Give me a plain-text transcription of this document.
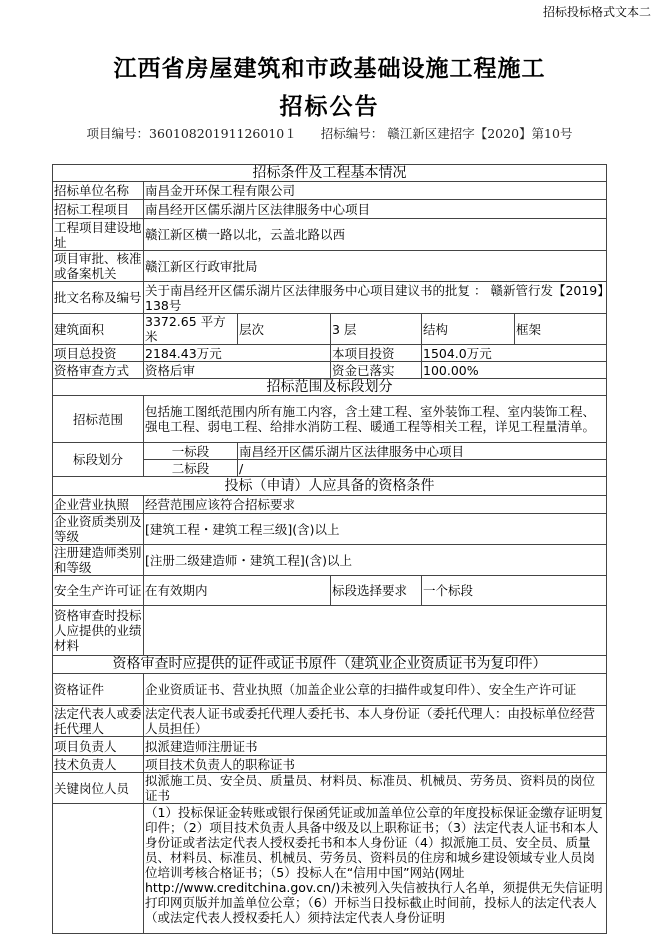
招标投标格式文本二
江西省房屋建筑和市政基础设施工程施工
招标公告
项目编号：36010820191126010１ 招标编号： 赣江新区建招字【2020】第10号
招标条件及工程基本情况					
招标单位名称	南昌金开环保工程有限公司				
招标工程项目	南昌经开区儒乐湖片区法律服务中心项目				
工程项目建设地址	赣江新区横一路以北，云盖北路以西				
项目审批、核准或备案机关	赣江新区行政审批局				
批文名称及编号	关于南昌经开区儒乐湖片区法律服务中心项目建议书的批复 ： 赣新管行发【2019】138号				
建筑面积	3372.65 平方米	层次	3 层	结构	框架
项目总投资	2184.43万元		本项目投资	1504.0万元	
资格审查方式	资格后审		资金已落实	100.00%	
招标范围及标段划分					
招标范围	包括施工图纸范围内所有施工内容，含土建工程、室外装饰工程、室内装饰工程、强电工程、弱电工程、给排水消防工程、暖通工程等相关工程，详见工程量清单。				
标段划分	一标段	南昌经开区儒乐湖片区法律服务中心项目			
	二标段	/			
投标（申请）人应具备的资格条件					
企业营业执照	经营范围应该符合招标要求				
企业资质类别及等级	[建筑工程・建筑工程三级](含)以上				
注册建造师类别和等级	[注册二级建造师・建筑工程](含)以上				
安全生产许可证	在有效期内		标段选择要求	一个标段	
资格审查时投标人应提供的业绩材料					
资格审查时应提供的证件或证书原件（建筑业企业资质证书为复印件）					
资格证件	企业资质证书、营业执照（加盖企业公章的扫描件或复印件）、安全生产许可证				
法定代表人或委托代理人	法定代表人证书或委托代理人委托书、本人身份证（委托代理人：由投标单位经营人员担任）				
项目负责人	拟派建造师注册证书				
技术负责人	项目技术负责人的职称证书				
关键岗位人员	拟派施工员、安全员、质量员、材料员、标准员、机械员、劳务员、资料员的岗位证书				
	（1）投标保证金转账或银行保函凭证或加盖单位公章的年度投标保证金缴存证明复印件；（2）项目技术负责人具备中级及以上职称证书；（3）法定代表人证书和本人身份证或者法定代表人授权委托书和本人身份证（4）拟派施工员、安全员、质量员、材料员、标准员、机械员、劳务员、资料员的住房和城乡建设领域专业人员岗位培训考核合格证书；（5）投标人在“信用中国”网站(网址http://www.creditchina.gov.cn/)未被列入失信被执行人名单，须提供无失信证明打印网页版并加盖单位公章；（6）开标当日投标截止时间前，投标人的法定代表人（或法定代表人授权委托人）须持法定代表人身份证明				
